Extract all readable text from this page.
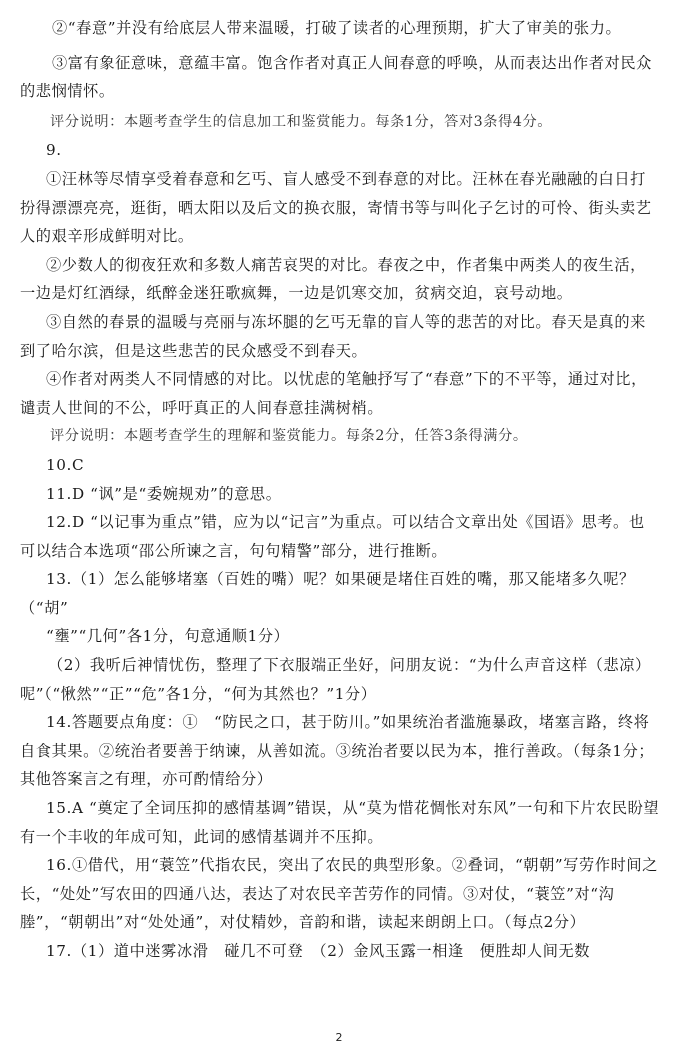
②“春意”并没有给底层人带来温暖，打破了读者的心理预期，扩大了审美的张力。

③富有象征意味，意蕴丰富。饱含作者对真正人间春意的呼唤，从而表达出作者对民众的悲悯情怀。

评分说明：本题考查学生的信息加工和鉴赏能力。每条1分，答对3条得4分。

9.

①汪林等尽情享受着春意和乞丐、盲人感受不到春意的对比。汪林在春光融融的白日打扮得漂漂亮亮，逛街，晒太阳以及后文的换衣服，寄情书等与叫化子乞讨的可怜、街头卖艺人的艰辛形成鲜明对比。

②少数人的彻夜狂欢和多数人痛苦哀哭的对比。春夜之中，作者集中两类人的夜生活，一边是灯红酒绿，纸醉金迷狂歌疯舞，一边是饥寒交加，贫病交迫，哀号动地。

③自然的春景的温暖与亮丽与冻坏腿的乞丐无靠的盲人等的悲苦的对比。春天是真的来到了哈尔滨，但是这些悲苦的民众感受不到春天。

④作者对两类人不同情感的对比。以忧虑的笔触抒写了“春意”下的不平等，通过对比，谴责人世间的不公，呼吁真正的人间春意挂满树梢。

评分说明：本题考查学生的理解和鉴赏能力。每条2分，任答3条得满分。

10.C

11.D “讽”是“委婉规劝”的意思。

12.D “以记事为重点”错，应为以“记言”为重点。可以结合文章出处《国语》思考。也可以结合本选项“邵公所谏之言，句句精警”部分，进行推断。

13.（1）怎么能够堵塞（百姓的嘴）呢？如果硬是堵住百姓的嘴，那又能堵多久呢？（“胡”

“壅”“几何”各1分，句意通顺1分）

（2）我听后神情忧伤，整理了下衣服端正坐好，问朋友说：“为什么声音这样（悲凉）呢”（“愀然”“正”“危”各1分，“何为其然也？”1分）

14.答题要点角度：①　“防民之口，甚于防川。”如果统治者滥施暴政，堵塞言路，终将自食其果。②统治者要善于纳谏，从善如流。③统治者要以民为本，推行善政。（每条1分；其他答案言之有理，亦可酌情给分）

15.A “奠定了全词压抑的感情基调”错误，从“莫为惜花惆怅对东风”一句和下片农民盼望有一个丰收的年成可知，此词的感情基调并不压抑。

16.①借代，用“蓑笠”代指农民，突出了农民的典型形象。②叠词，“朝朝”写劳作时间之长，“处处”写农田的四通八达，表达了对农民辛苦劳作的同情。③对仗，“蓑笠”对“沟塍”，“朝朝出”对“处处通”，对仗精妙，音韵和谐，读起来朗朗上口。（每点2分）

17.（1）道中迷雾冰滑　碰几不可登　（2）金风玉露一相逢　便胜却人间无数

2
